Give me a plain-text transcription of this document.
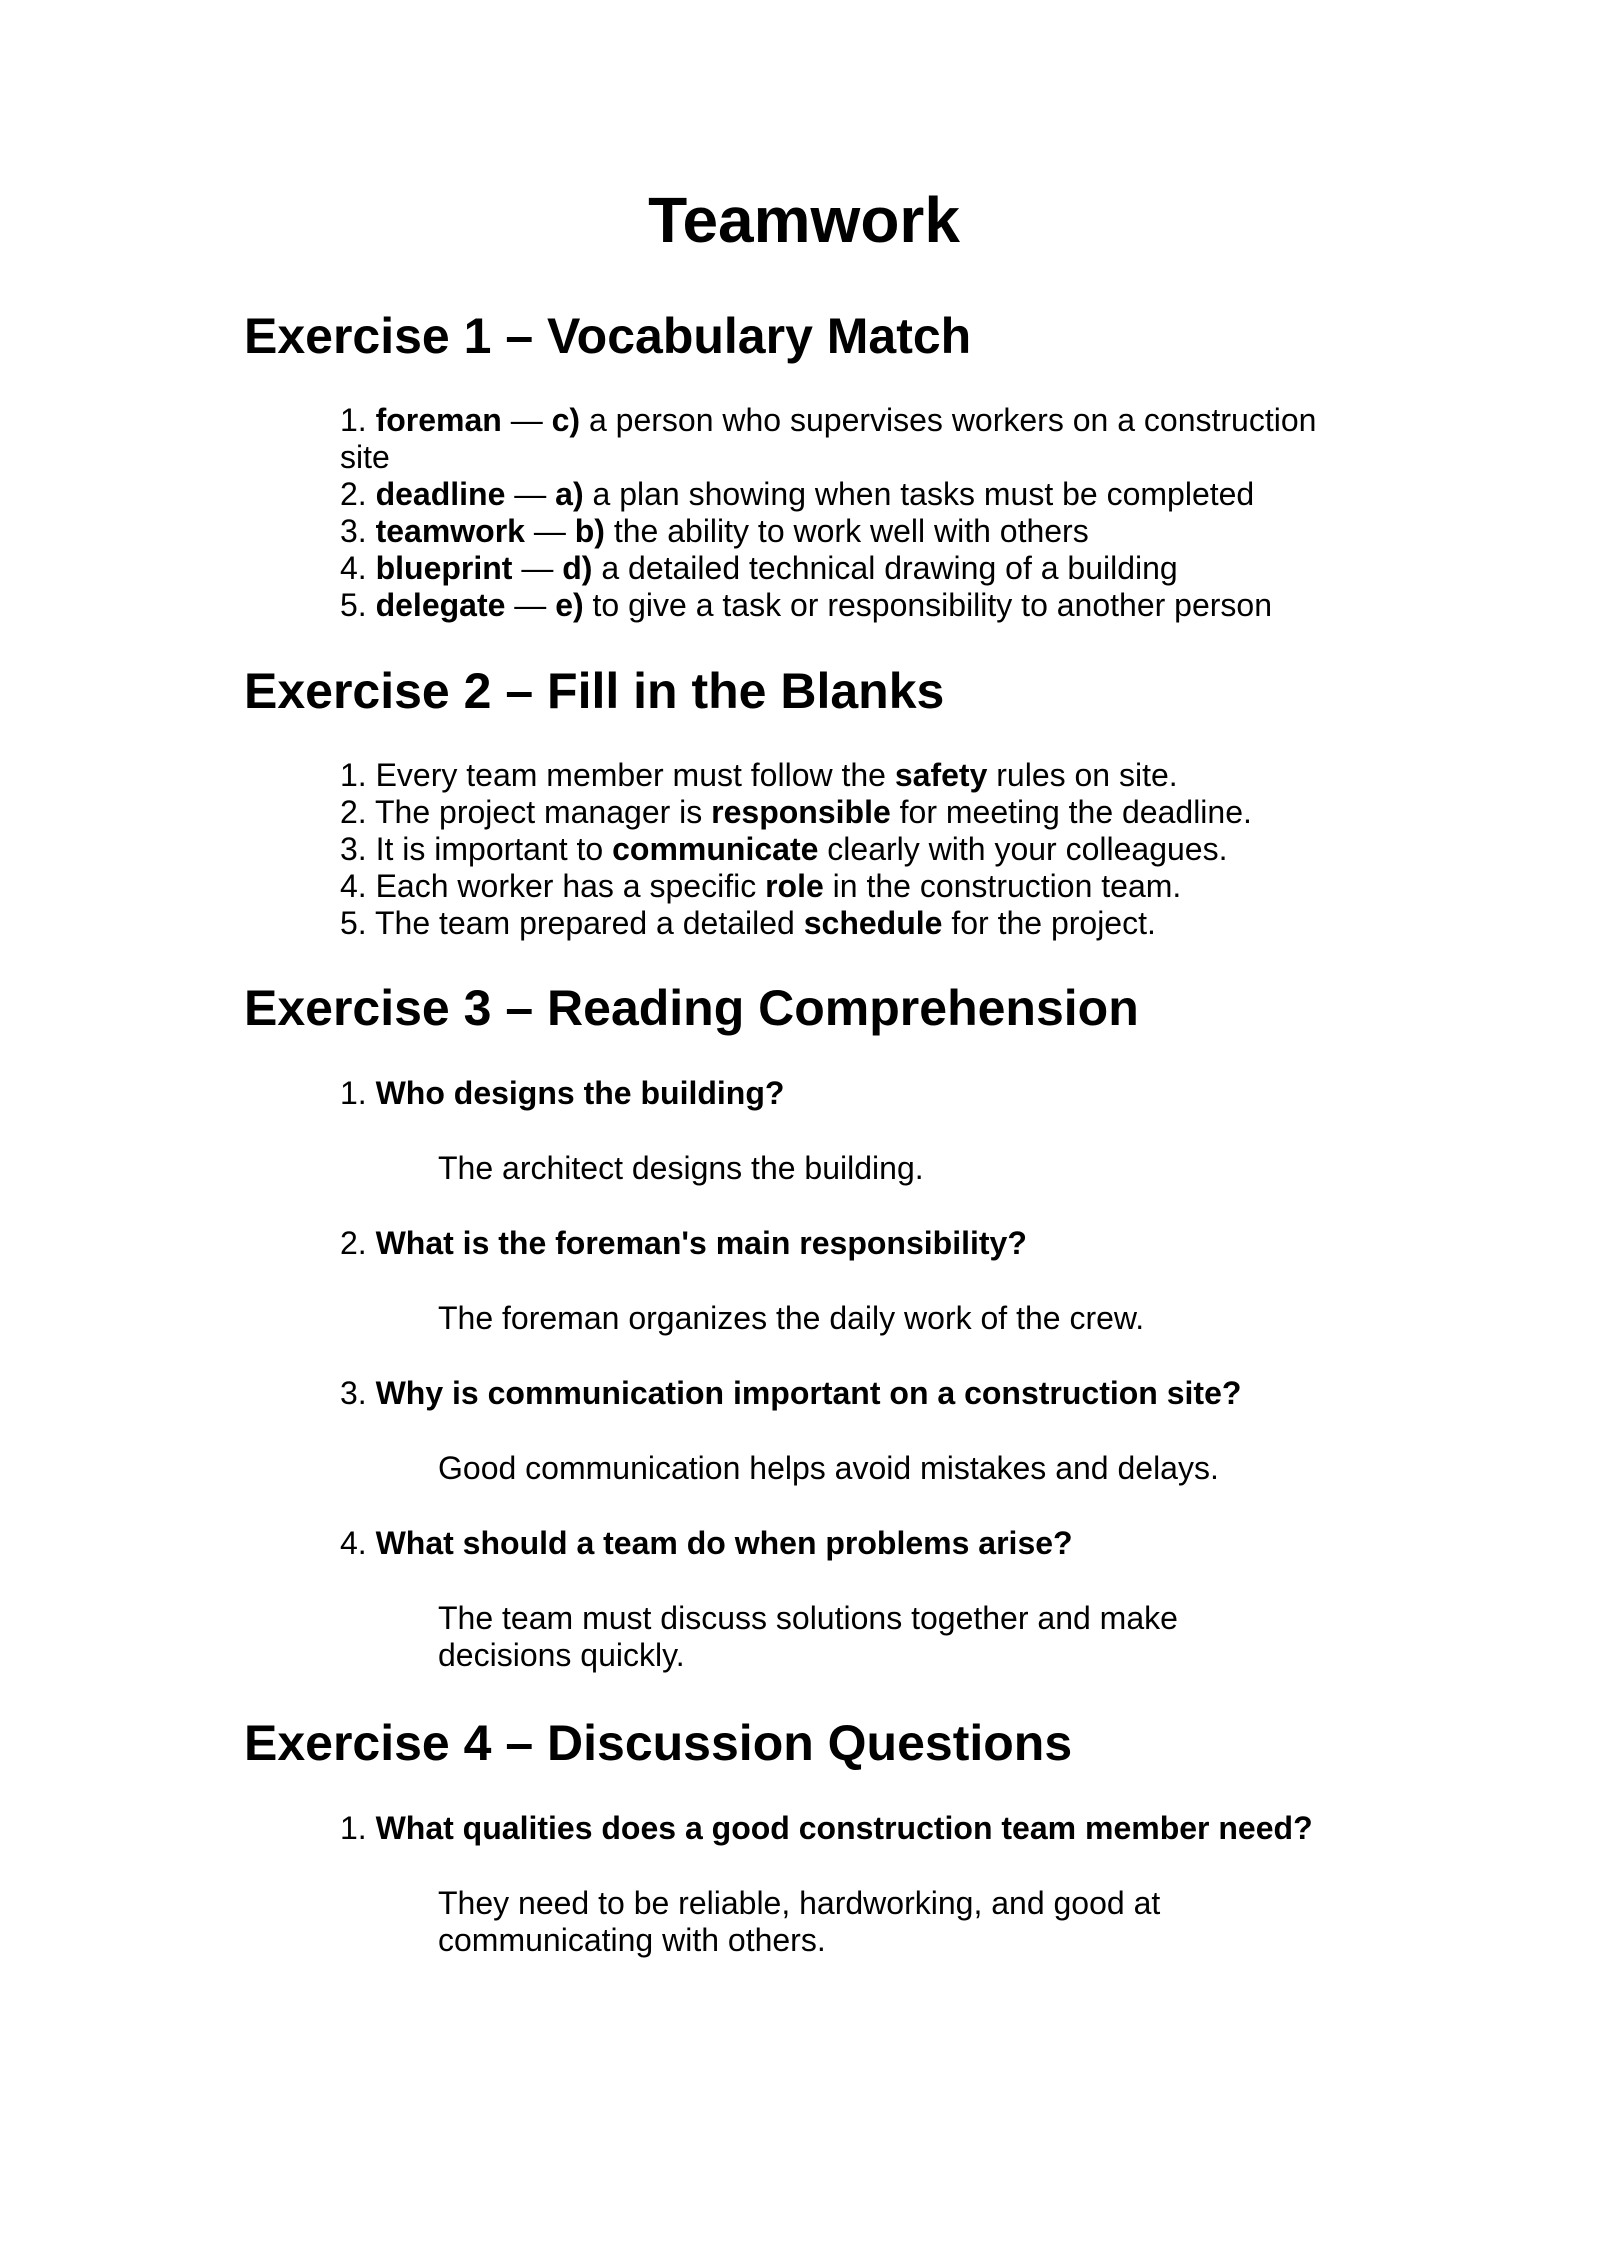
Teamwork
Exercise 1 – Vocabulary Match
1. foreman — c) a person who supervises workers on a construction site
2. deadline — a) a plan showing when tasks must be completed
3. teamwork — b) the ability to work well with others
4. blueprint — d) a detailed technical drawing of a building
5. delegate — e) to give a task or responsibility to another person
Exercise 2 – Fill in the Blanks
1. Every team member must follow the safety rules on site.
2. The project manager is responsible for meeting the deadline.
3. It is important to communicate clearly with your colleagues.
4. Each worker has a specific role in the construction team.
5. The team prepared a detailed schedule for the project.
Exercise 3 – Reading Comprehension
1. Who designs the building?
The architect designs the building.
2. What is the foreman's main responsibility?
The foreman organizes the daily work of the crew.
3. Why is communication important on a construction site?
Good communication helps avoid mistakes and delays.
4. What should a team do when problems arise?
The team must discuss solutions together and make decisions quickly.
Exercise 4 – Discussion Questions
1. What qualities does a good construction team member need?
They need to be reliable, hardworking, and good at communicating with others.
